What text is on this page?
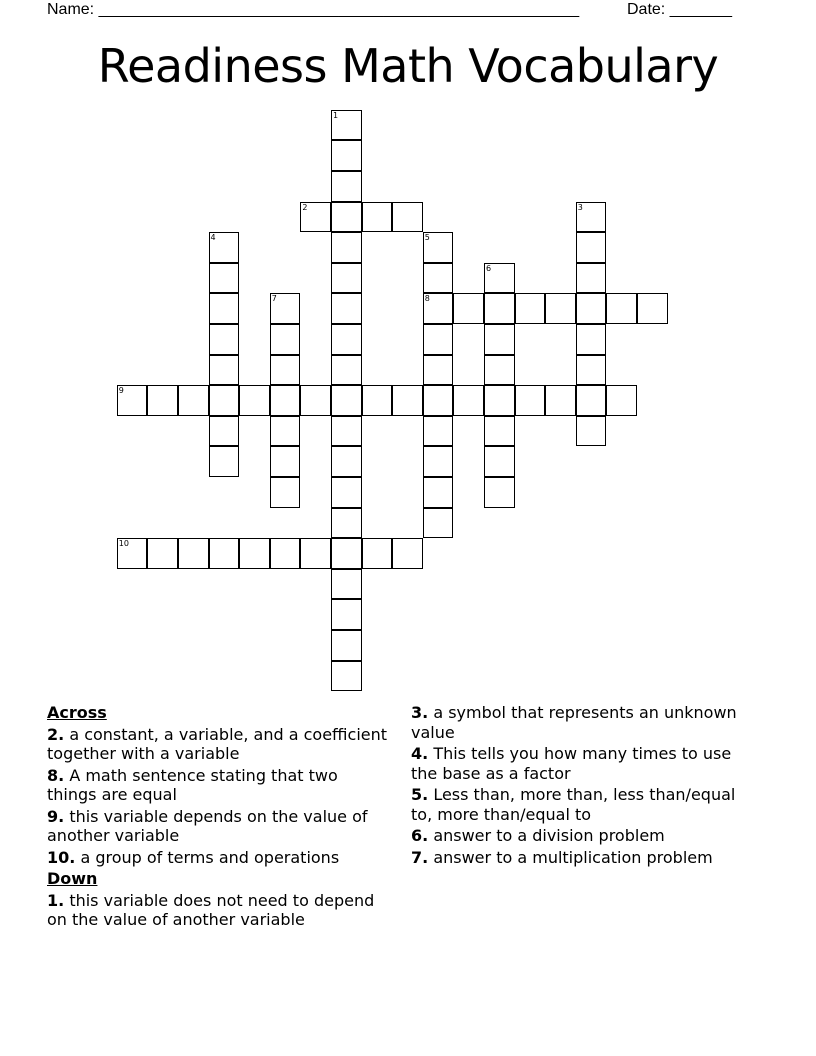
Name: ______________________________________________________	Date: _______
Readiness Math Vocabulary
1
2	3
4	5
8
6
7
9
10
Across
2. a constant, a variable, and a coefficient together with a variable
8. A math sentence stating that two things are equal
9. this variable depends on the value of another variable
10. a group of terms and operations
Down
1. this variable does not need to depend on the value of another variable
3. a symbol that represents an unknown value
4. This tells you how many times to use the base as a factor
5. Less than, more than, less than/equal to, more than/equal to
6. answer to a division problem
7. answer to a multiplication problem
